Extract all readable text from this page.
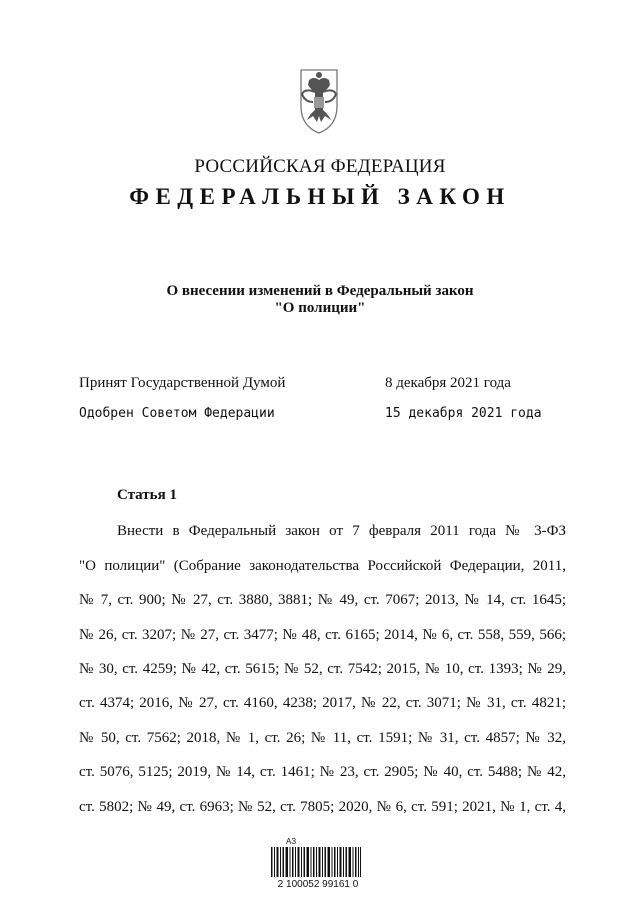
РОССИЙСКАЯ ФЕДЕРАЦИЯ
ФЕДЕРАЛЬНЫЙ ЗАКОН
О внесении изменений в Федеральный закон
"О полиции"
Принят Государственной Думой	8 декабря 2021 года
Одобрен Советом Федерации	15 декабря 2021 года
Статья 1
Внести в Федеральный закон от 7 февраля 2011 года № 3-ФЗ
"О полиции" (Собрание законодательства Российской Федерации, 2011,
№ 7, ст. 900; № 27, ст. 3880, 3881; № 49, ст. 7067; 2013, № 14, ст. 1645;
№ 26, ст. 3207; № 27, ст. 3477; № 48, ст. 6165; 2014, № 6, ст. 558, 559, 566;
№ 30, ст. 4259; № 42, ст. 5615; № 52, ст. 7542; 2015, № 10, ст. 1393; № 29,
ст. 4374; 2016, № 27, ст. 4160, 4238; 2017, № 22, ст. 3071; № 31, ст. 4821;
№ 50, ст. 7562; 2018, № 1, ст. 26; № 11, ст. 1591; № 31, ст. 4857; № 32,
ст. 5076, 5125; 2019, № 14, ст. 1461; № 23, ст. 2905; № 40, ст. 5488; № 42,
ст. 5802; № 49, ст. 6963; № 52, ст. 7805; 2020, № 6, ст. 591; 2021, № 1, ст. 4,
АЗ
2 100052 99161 0
